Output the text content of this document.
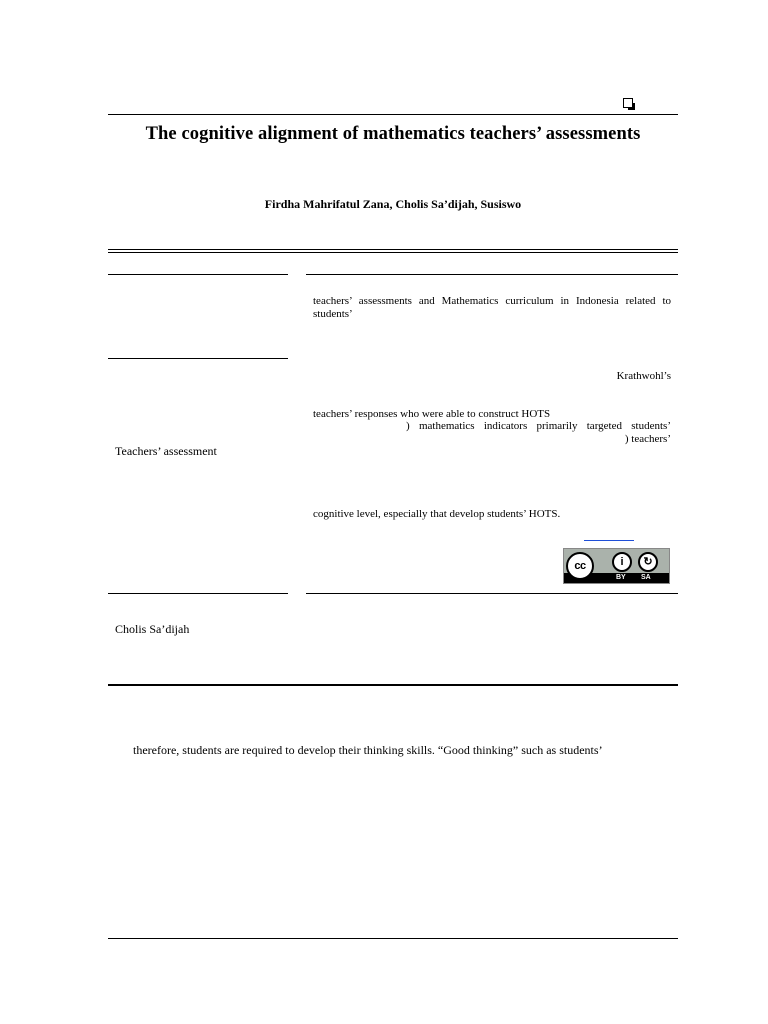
The cognitive alignment of mathematics teachers’ assessments
Firdha Mahrifatul Zana, Cholis Sa’dijah, Susiswo
teachers’ assessments and Mathematics curriculum in Indonesia related to
students’
Krathwohl’s
teachers’ responses who were able to construct HOTS
) mathematics indicators primarily targeted students’
) teachers’
cognitive level, especially that develop students’ HOTS.
cc	i	↻
BY SA
Teachers’ assessment
Cholis Sa’dijah
therefore, students are required to develop their thinking skills. “Good thinking” such as students’
